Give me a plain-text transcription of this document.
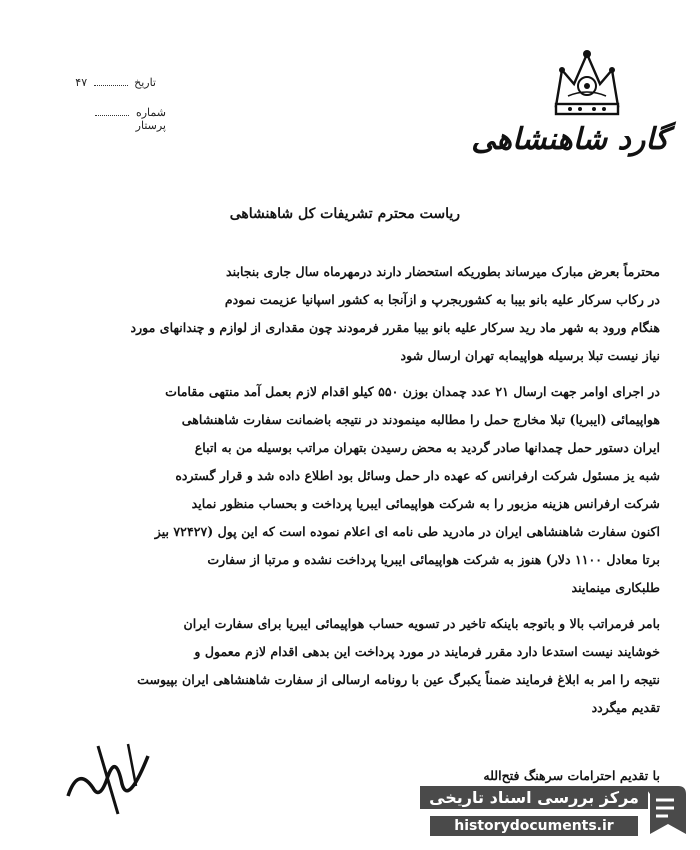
تاریخ  ۴۷
شماره  پرستار	گارد شاهنشاهی
ریاست محترم تشریفات کل شاهنشاهی
محترماً بعرض مبارک میرساند بطوریکه استحضار دارند درمهرماه سال جاری بنجابند
در رکاب سرکار علیه بانو بیبا به کشوربجرپ و ازآنجا به کشور اسپانیا عزیمت نمودم
هنگام ورود به شهر ماد رید سرکار علیه بانو بیبا مقرر فرمودند چون مقداری از لوازم و چندانهای مورد
نیاز نیست تبلا برسیله هواپیمابه تهران ارسال شود
در اجرای اوامر جهت ارسال ۲۱ عدد چمدان بوزن ۵۵۰ کیلو اقدام لازم بعمل آمد منتهی مقامات
هواپیمائی (ایبریا) تبلا مخارج حمل را مطالبه مینمودند در نتیجه باضمانت سفارت شاهنشاهی
ایران دستور حمل چمدانها صادر گردید به محض رسیدن بتهران مراتب بوسیله من به اتباع
شبه یز مسئول شرکت ارفرانس که عهده دار حمل وسائل بود اطلاع داده شد و قرار گسترده
شرکت ارفرانس هزینه مزبور را به شرکت هواپیمائی ایبریا پرداخت و بحساب منظور نماید
اکنون سفارت شاهنشاهی ایران در مادرید طی نامه ای اعلام نموده است که این پول (۷۲۴۲۷ بیز
برتا معادل ۱۱۰۰ دلار) هنوز به شرکت هواپیمائی ایبریا پرداخت نشده و مرتبا از سفارت
طلبکاری مینمایند
بامر فرمراتب بالا و باتوجه باینکه تاخیر در تسویه حساب هواپیمائی ایبریا برای سفارت ایران
خوشایند نیست استدعا دارد مقرر فرمایند در مورد پرداخت این بدهی اقدام لازم معمول و
نتیجه را امر به ابلاغ فرمایند ضمناً یکبرگ عین با رونامه ارسالی از سفارت شاهنشاهی ایران بپیوست
تقدیم میگردد
با تقدیم احترامات سرهنگ فتح‌الله
مرکز بررسی اسناد تاریخی
historydocuments.ir
